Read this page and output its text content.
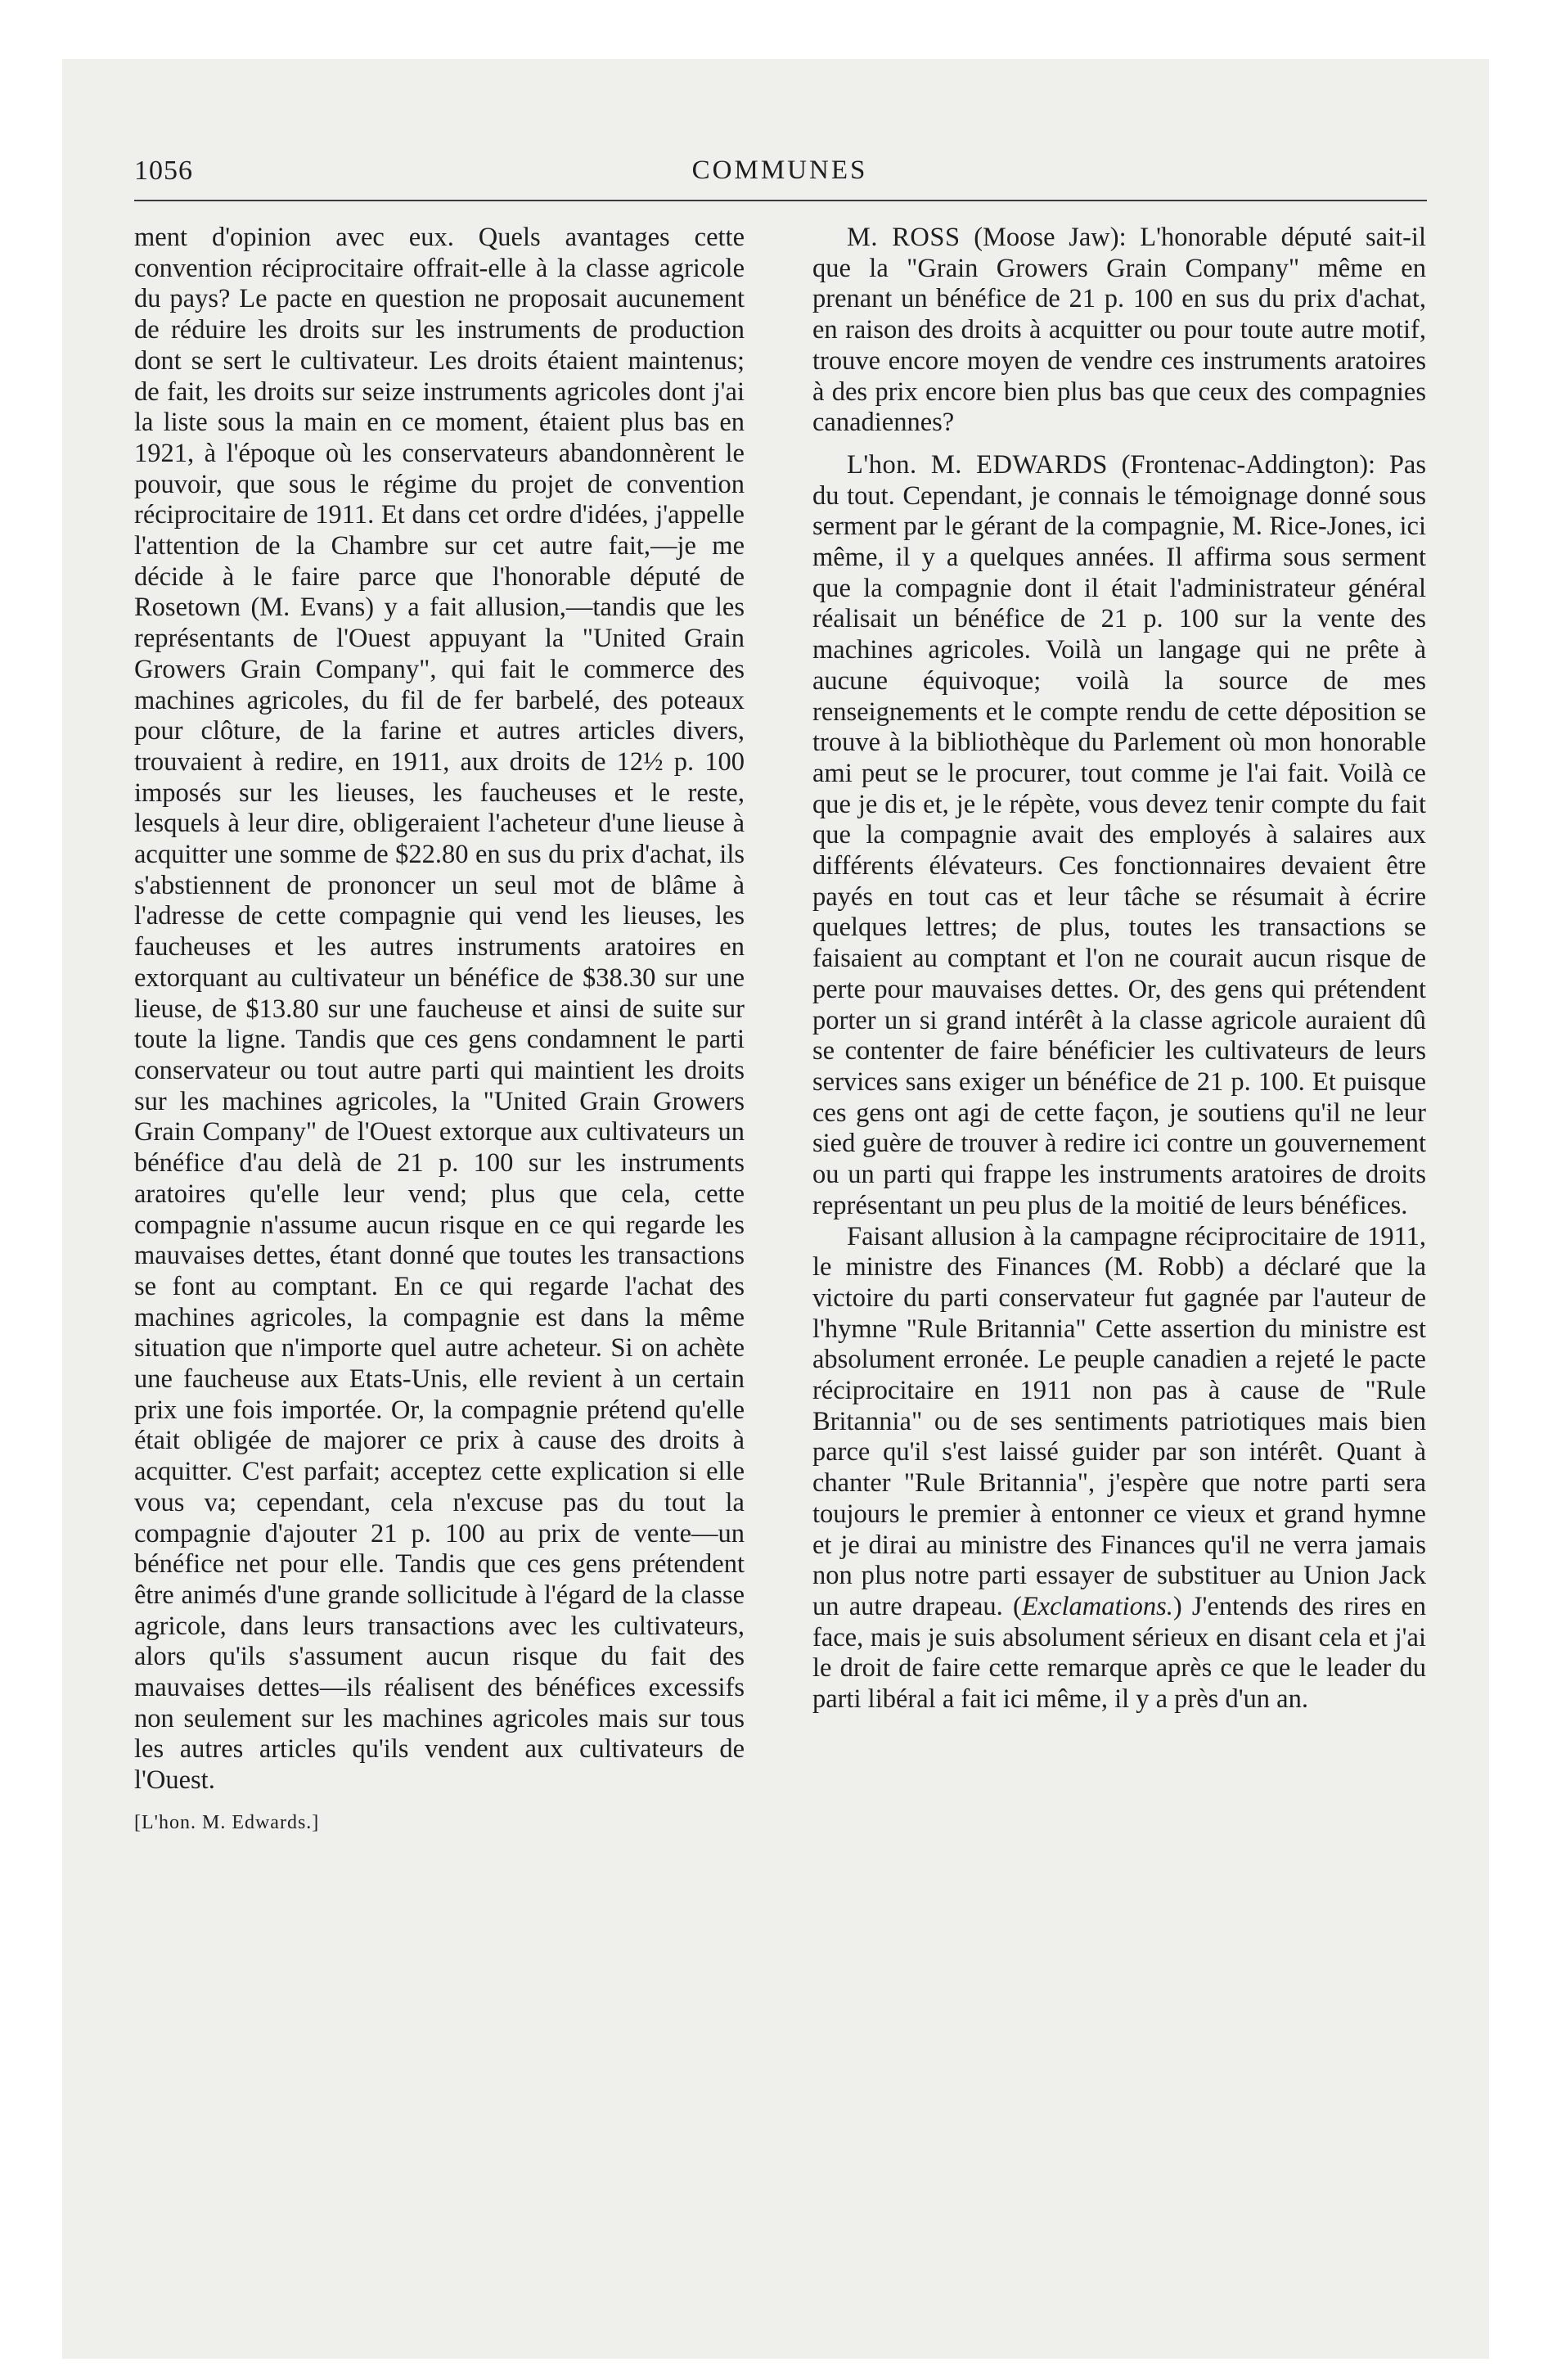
1056	COMMUNES

ment d'opinion avec eux. Quels avantages cette convention réciprocitaire offrait-elle à la classe agricole du pays? Le pacte en question ne proposait aucunement de réduire les droits sur les instruments de production dont se sert le cultivateur. Les droits étaient maintenus; de fait, les droits sur seize instruments agricoles dont j'ai la liste sous la main en ce moment, étaient plus bas en 1921, à l'époque où les conservateurs abandonnèrent le pouvoir, que sous le régime du projet de convention réciprocitaire de 1911. Et dans cet ordre d'idées, j'appelle l'attention de la Chambre sur cet autre fait,—je me décide à le faire parce que l'honorable député de Rosetown (M. Evans) y a fait allusion,—tandis que les représentants de l'Ouest appuyant la "United Grain Growers Grain Company", qui fait le commerce des machines agricoles, du fil de fer barbelé, des poteaux pour clôture, de la farine et autres articles divers, trouvaient à redire, en 1911, aux droits de 12½ p. 100 imposés sur les lieuses, les faucheuses et le reste, lesquels à leur dire, obligeraient l'acheteur d'une lieuse à acquitter une somme de $22.80 en sus du prix d'achat, ils s'abstiennent de prononcer un seul mot de blâme à l'adresse de cette compagnie qui vend les lieuses, les faucheuses et les autres instruments aratoires en extorquant au cultivateur un bénéfice de $38.30 sur une lieuse, de $13.80 sur une faucheuse et ainsi de suite sur toute la ligne. Tandis que ces gens condamnent le parti conservateur ou tout autre parti qui maintient les droits sur les machines agricoles, la "United Grain Growers Grain Company" de l'Ouest extorque aux cultivateurs un bénéfice d'au delà de 21 p. 100 sur les instruments aratoires qu'elle leur vend; plus que cela, cette compagnie n'assume aucun risque en ce qui regarde les mauvaises dettes, étant donné que toutes les transactions se font au comptant. En ce qui regarde l'achat des machines agricoles, la compagnie est dans la même situation que n'importe quel autre acheteur. Si on achète une faucheuse aux Etats-Unis, elle revient à un certain prix une fois importée. Or, la compagnie prétend qu'elle était obligée de majorer ce prix à cause des droits à acquitter. C'est parfait; acceptez cette explication si elle vous va; cependant, cela n'excuse pas du tout la compagnie d'ajouter 21 p. 100 au prix de vente—un bénéfice net pour elle. Tandis que ces gens prétendent être animés d'une grande sollicitude à l'égard de la classe agricole, dans leurs transactions avec les cultivateurs, alors qu'ils s'assument aucun risque du fait des mauvaises dettes—ils réalisent des bénéfices excessifs non seulement sur les machines agricoles mais sur tous les autres articles qu'ils vendent aux cultivateurs de l'Ouest.

[L'hon. M. Edwards.]

M. ROSS (Moose Jaw): L'honorable député sait-il que la "Grain Growers Grain Company" même en prenant un bénéfice de 21 p. 100 en sus du prix d'achat, en raison des droits à acquitter ou pour toute autre motif, trouve encore moyen de vendre ces instruments aratoires à des prix encore bien plus bas que ceux des compagnies canadiennes?

L'hon. M. EDWARDS (Frontenac-Addington): Pas du tout. Cependant, je connais le témoignage donné sous serment par le gérant de la compagnie, M. Rice-Jones, ici même, il y a quelques années. Il affirma sous serment que la compagnie dont il était l'administrateur général réalisait un bénéfice de 21 p. 100 sur la vente des machines agricoles. Voilà un langage qui ne prête à aucune équivoque; voilà la source de mes renseignements et le compte rendu de cette déposition se trouve à la bibliothèque du Parlement où mon honorable ami peut se le procurer, tout comme je l'ai fait. Voilà ce que je dis et, je le répète, vous devez tenir compte du fait que la compagnie avait des employés à salaires aux différents élévateurs. Ces fonctionnaires devaient être payés en tout cas et leur tâche se résumait à écrire quelques lettres; de plus, toutes les transactions se faisaient au comptant et l'on ne courait aucun risque de perte pour mauvaises dettes. Or, des gens qui prétendent porter un si grand intérêt à la classe agricole auraient dû se contenter de faire bénéficier les cultivateurs de leurs services sans exiger un bénéfice de 21 p. 100. Et puisque ces gens ont agi de cette façon, je soutiens qu'il ne leur sied guère de trouver à redire ici contre un gouvernement ou un parti qui frappe les instruments aratoires de droits représentant un peu plus de la moitié de leurs bénéfices.

Faisant allusion à la campagne réciprocitaire de 1911, le ministre des Finances (M. Robb) a déclaré que la victoire du parti conservateur fut gagnée par l'auteur de l'hymne "Rule Britannia" Cette assertion du ministre est absolument erronée. Le peuple canadien a rejeté le pacte réciprocitaire en 1911 non pas à cause de "Rule Britannia" ou de ses sentiments patriotiques mais bien parce qu'il s'est laissé guider par son intérêt. Quant à chanter "Rule Britannia", j'espère que notre parti sera toujours le premier à entonner ce vieux et grand hymne et je dirai au ministre des Finances qu'il ne verra jamais non plus notre parti essayer de substituer au Union Jack un autre drapeau. (Exclamations.) J'entends des rires en face, mais je suis absolument sérieux en disant cela et j'ai le droit de faire cette remarque après ce que le leader du parti libéral a fait ici même, il y a près d'un an.
